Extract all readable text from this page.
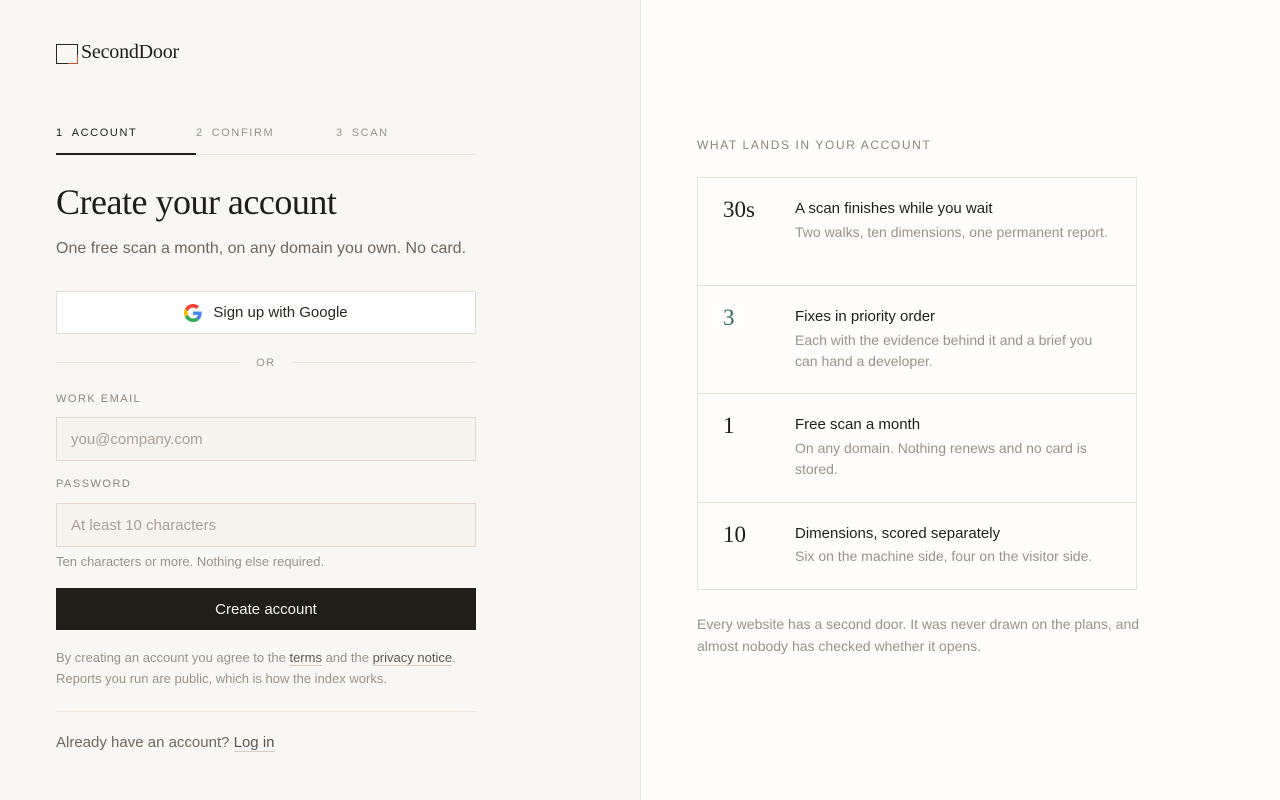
SecondDoor
1 ACCOUNT	2 CONFIRM	3 SCAN
Create your account
One free scan a month, on any domain you own. No card.
Sign up with Google
OR
WORK EMAIL
you@company.com
PASSWORD
Ten characters or more. Nothing else required.
Create account
By creating an account you agree to the terms and the privacy notice. Reports you run are public, which is how the index works.
Already have an account? Log in
WHAT LANDS IN YOUR ACCOUNT
30s	A scan finishes while you wait
Two walks, ten dimensions, one permanent report.
3	Fixes in priority order
Each with the evidence behind it and a brief you can hand a developer.
1	Free scan a month
On any domain. Nothing renews and no card is stored.
10	Dimensions, scored separately
Six on the machine side, four on the visitor side.
Every website has a second door. It was never drawn on the plans, and almost nobody has checked whether it opens.
